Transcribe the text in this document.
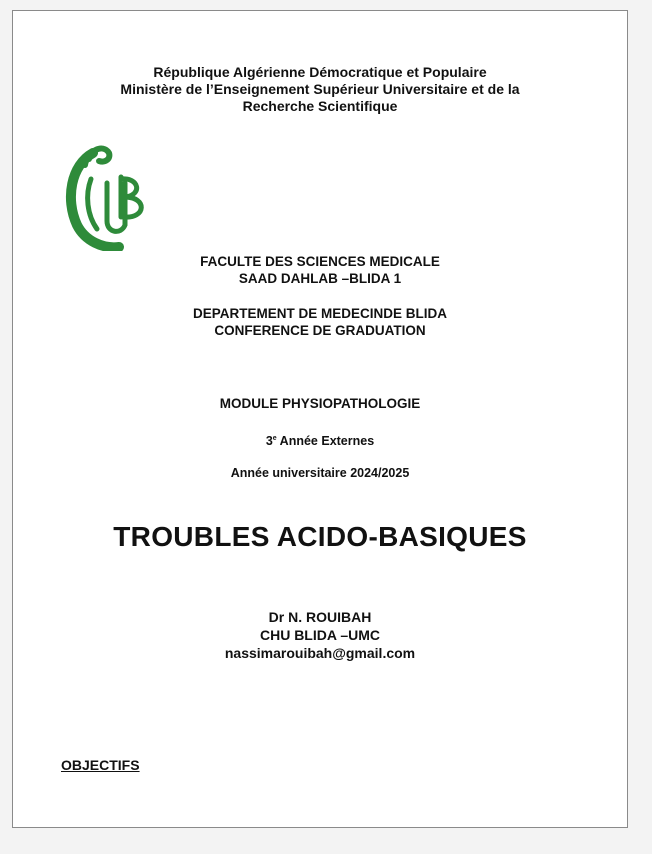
République Algérienne Démocratique et Populaire
Ministère de l’Enseignement Supérieur Universitaire et de la
Recherche Scientifique
FACULTE DES SCIENCES MEDICALE
SAAD DAHLAB –BLIDA 1
DEPARTEMENT DE MEDECINDE BLIDA
CONFERENCE DE GRADUATION
MODULE PHYSIOPATHOLOGIE
3e Année Externes
Année universitaire 2024/2025
TROUBLES ACIDO-BASIQUES
Dr N. ROUIBAH
CHU BLIDA –UMC
nassimarouibah@gmail.com
OBJECTIFS
